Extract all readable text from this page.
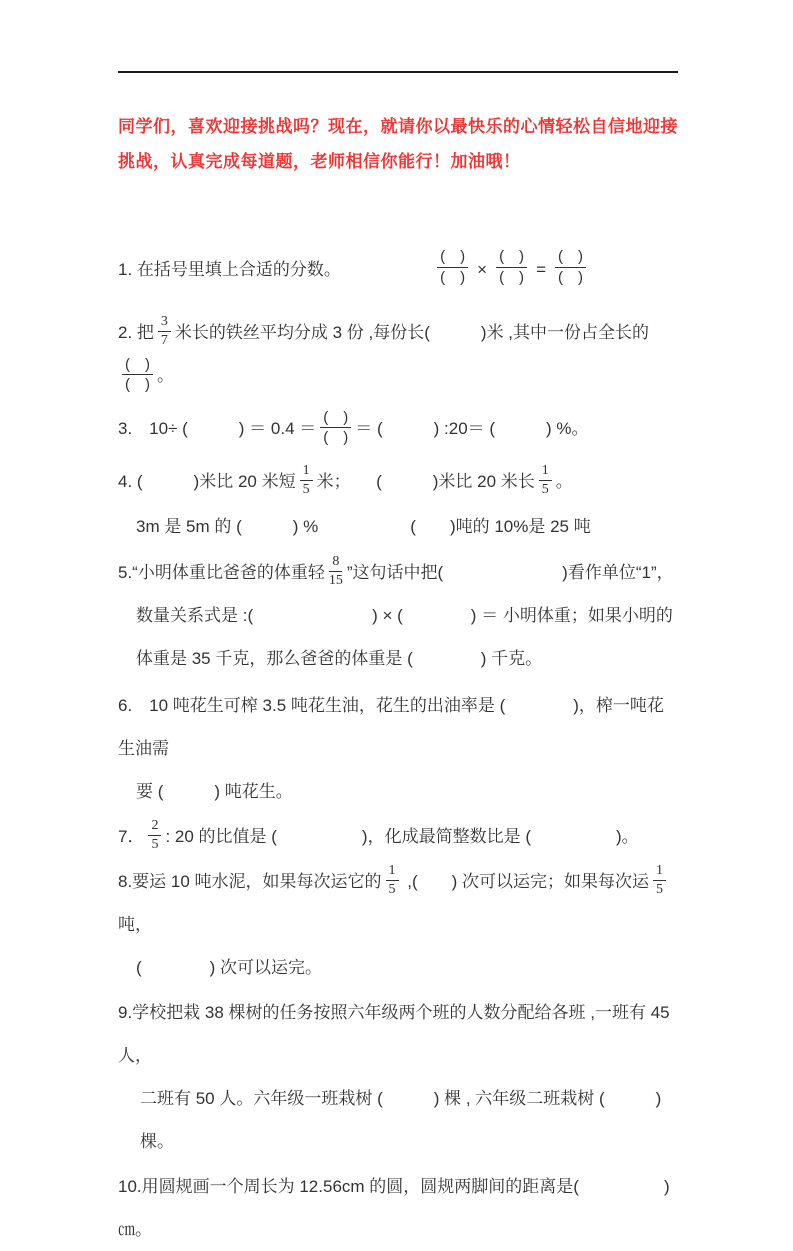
同学们，喜欢迎接挑战吗？现在，就请你以最快乐的心情轻松自信地迎接挑战，认真完成每道题，老师相信你能行！加油哦！
1. 在括号里填上合适的分数。	$\frac{( )}{( )} \times \frac{( )}{( )} = \frac{( )}{( )}$
2. 把 $\frac{3}{7}$ 米长的铁丝平均分成 3 份 ,每份长(　　　)米 ,其中一份占全长的
$\frac{( )}{( )}$ 。
3.　10÷ (　　　) ＝ $0.4 = \frac{( )}{( )}$ ＝ (　　　) :20＝ (　　　) %。
4. (　　　)米比 20 米短 $\frac{1}{5}$ 米；　　(　　　)米比 20 米长 $\frac{1}{5}$ 。
3m 是 5m 的 (　　　) %	(　　)吨的 10%是 25 吨
5.“小明体重比爸爸的体重轻 $\frac{8}{15}$ ”这句话中把(　　　　　　　)看作单位“1”，
数量关系式是 :(　　　　　　　) × (　　　　) ＝ 小明体重；如果小明的
体重是 35 千克，那么爸爸的体重是 (　　　　) 千克。
6.　10 吨花生可榨 3.5 吨花生油，花生的出油率是 (　　　　)，榨一吨花生油需
要 (　　　) 吨花生。
7． $\frac{2}{5}$ : 20 的比值是 (　　　　　)，化成最简整数比是 (　　　　　)。
8.要运 10 吨水泥，如果每次运它的 $\frac{1}{5}$ ,(　　) 次可以运完；如果每次运 $\frac{1}{5}$
吨，
(　　　　) 次可以运完。
9.学校把栽 38 棵树的任务按照六年级两个班的人数分配给各班 ,一班有 45 人，
二班有 50 人。六年级一班栽树 (　　　) 棵 , 六年级二班栽树 (　　　) 棵。
10.用圆规画一个周长为 12.56cm 的圆，圆规两脚间的距离是(　　　　　)㎝。
